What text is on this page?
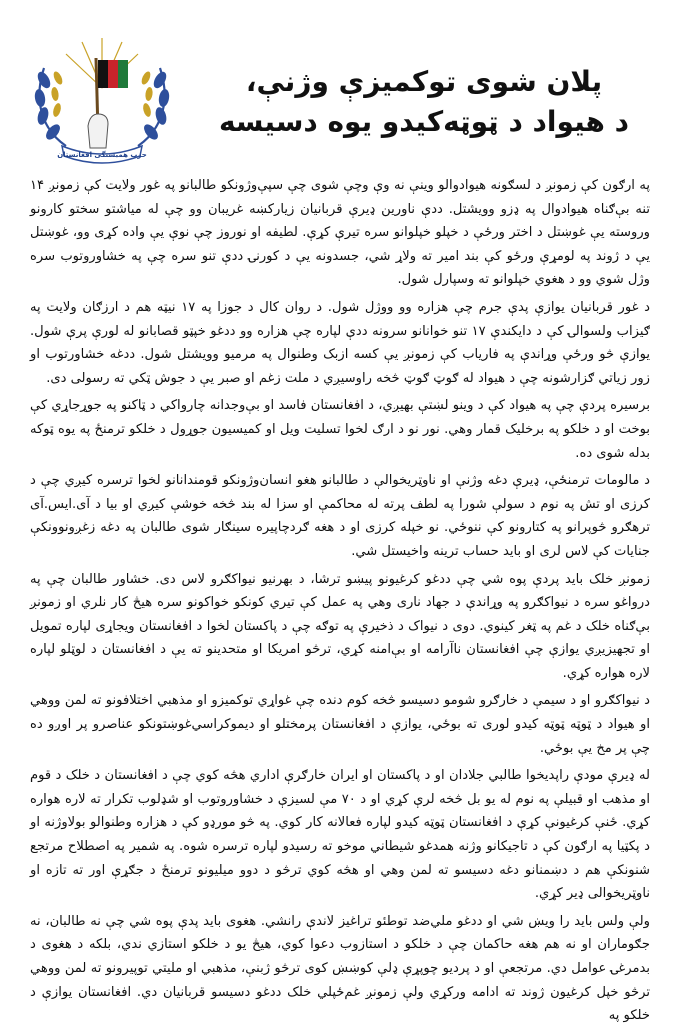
حزب همبستگی افغانستان
پلان شوی توکمیزې وژنې،
د هیواد د ټوټه‌کیدو یوه دسیسه

په ارګون کې زمونږ د لسګونه هیوادوالو وینې نه وې وچې شوی چې سپې‌وژونکو طالبانو په غور ولایت کې زمونږ ۱۴ تنه بې‌ګناه هیوادوال په ډزو وویشتل. ددې ناورین ډیرې قربانیان زیارکښه غریبان وو چې له میاشتو سختو کارونو وروسته یې غوښتل د اختر ورځې د خپلو خپلوانو سره تیرې کړې. لطیفه او نوروز چې نوې یې واده کړی وو، غوښتل یې د ژوند په لومړې ورځو کې بند امیر ته ولاړ شي، جسدونه یې د کورنۍ ددې تنو سره چې په خشاوروتوب سره وژل شوي وو د هغوي خپلوانو ته وسپارل شول.

د غور قربانیان یوازې پدې جرم چې هزاره وو ووژل شول. د روان کال د جوزا په ۱۷ نیټه هم د ارزګان ولایت په ګیزاب ولسوالۍ کې د دایکندې ۱۷ تنو خوانانو سرونه ددې لپاره چې هزاره وو ددغو خپټو قصابانو له لورې پرې شول. یوازې څو ورځې وړاندې په فاریاب کې زمونږ یې کسه ازبک وطنوال په مرمیو وویشتل شول. ددغه خشاورتوب او زور زیاتي ګزارشونه چې د هیواد له ګوټ ګوټ څخه راوسیږي د ملت زغم او صبر یې د جوش ټکي ته رسولی دی.

برسیره پردې چې په هیواد کې د وینو لښتې بهیږي، د افغانستان فاسد او بې‌وجدانه چارواکي د ټاکنو په جوړجاړي کې بوخت او د خلکو په برخلیک قمار وهي. نور نو د ارګ لخوا تسلیت ویل او کمیسیون جوړول د خلکو ترمنځ په یوه ټوکه بدله شوی ده.

د مالومات ترمنځې، ډیرې دغه وژنې او ناوټریخوالې د طالبانو هغو انسان‌وژونکو قومندانانو لخوا ترسره کیږي چې د کرزی او تش په نوم د سولې شورا په لطف پرته له محاکمې او سزا له بند څخه خوشې کیږي او بیا د آی.ایس.آی ترهګرو څوپرانو په کتارونو کې ننوځي. نو خپله کرزی او د هغه ګردچاپیره سینګار شوی طالبان په دغه زغږونوونکې جنایات کې لاس لری او باید حساب ترینه واخیستل شي.

زمونږ خلک باید پردې پوه شي چې ددغو کرغیونو پیښو ترشا، د بهرنیو نیواکګرو لاس دی. خشاور طالبان چې په درواغو سره د نیواکګرو په وړاندې د جهاد ناری وهي په عمل کې تیري کونکو خواکونو سره هیڅ کار نلري او زمونږ بې‌ګناه خلک د غم په ټغر کینوي. دوی د نیواک د ذخیرې په توګه چې د پاکستان لخوا د افغانستان ویجاړی لپاره تمویل او تجهیزیږي یوازې چې افغانستان ناآرامه او بې‌امنه کړي، ترڅو امریکا او متحدینو ته یې د افغانستان د لوټلو لپاره لاره هواره کړي.

د نیواکګرو او د سیمې د خارګرو شومو دسیسو څخه کوم دنده چې غواړي توکمیزو او مذهبي اختلافونو ته لمن ووهي او هیواد د ټوټه ټوټه کیدو لوری ته بوځي، یوازې د افغانستان پرمختلو او دیموکراسي‌غوښتونکو عناصرو پر اوږو ده چې پر مخ یې بوځي.

له ډیرې مودې راپدیخوا طالبي جلادان او د پاکستان او ایران خارګرې اداري هڅه کوي چې د افغانستان د خلک د قوم او مذهب او قبیلې په نوم له یو بل څخه لرې کړي او د ۷۰ مې لسیزې د خشاوروتوب او شډلوب تکرار ته لاره هواره کړي. ځنې کرغیونې کړې د افغانستان ټوټه کیدو لپاره فعالانه کار کوي. په څو مورډو کې د هزاره وطنوالو بولاوژنه او د پکټیا په ارګون کې د تاجیکانو وژنه همدغو شیطاني موخو ته رسیدو لپاره ترسره شوه. په شمیر په اصطلاح مرتجع شنونکې هم د دښمنانو دغه دسیسو ته لمن وهي او هڅه کوي ترڅو د دوو میلیونو ترمنځ د جګړې اور ته تازه او ناوټریخوالی ډیر کړي.

ولې ولس باید را ویښ شي او ددغو ملي‌ضد توطئو تراغیز لاندې رانشي. هغوی باید پدې پوه شي چې نه طالبان، نه جګوماران او نه هم هغه حاکمان چې د خلکو د استازوب دعوا کوي، هیڅ یو د خلکو استازي ندي، بلکه د هغوی د بدمرغۍ عوامل دي. مرتجعې او د پردیو چوپړې ډلې کوښښ کوی ترڅو ژبنې، مذهبي او ملیتي توپیرونو ته لمن ووهي ترڅو خپل کرغیون ژوند ته ادامه ورکړي ولې زمونږ غم‌ځپلي خلک ددغو دسیسو قربانیان دي. افغانستان یوازې د خلکو په
